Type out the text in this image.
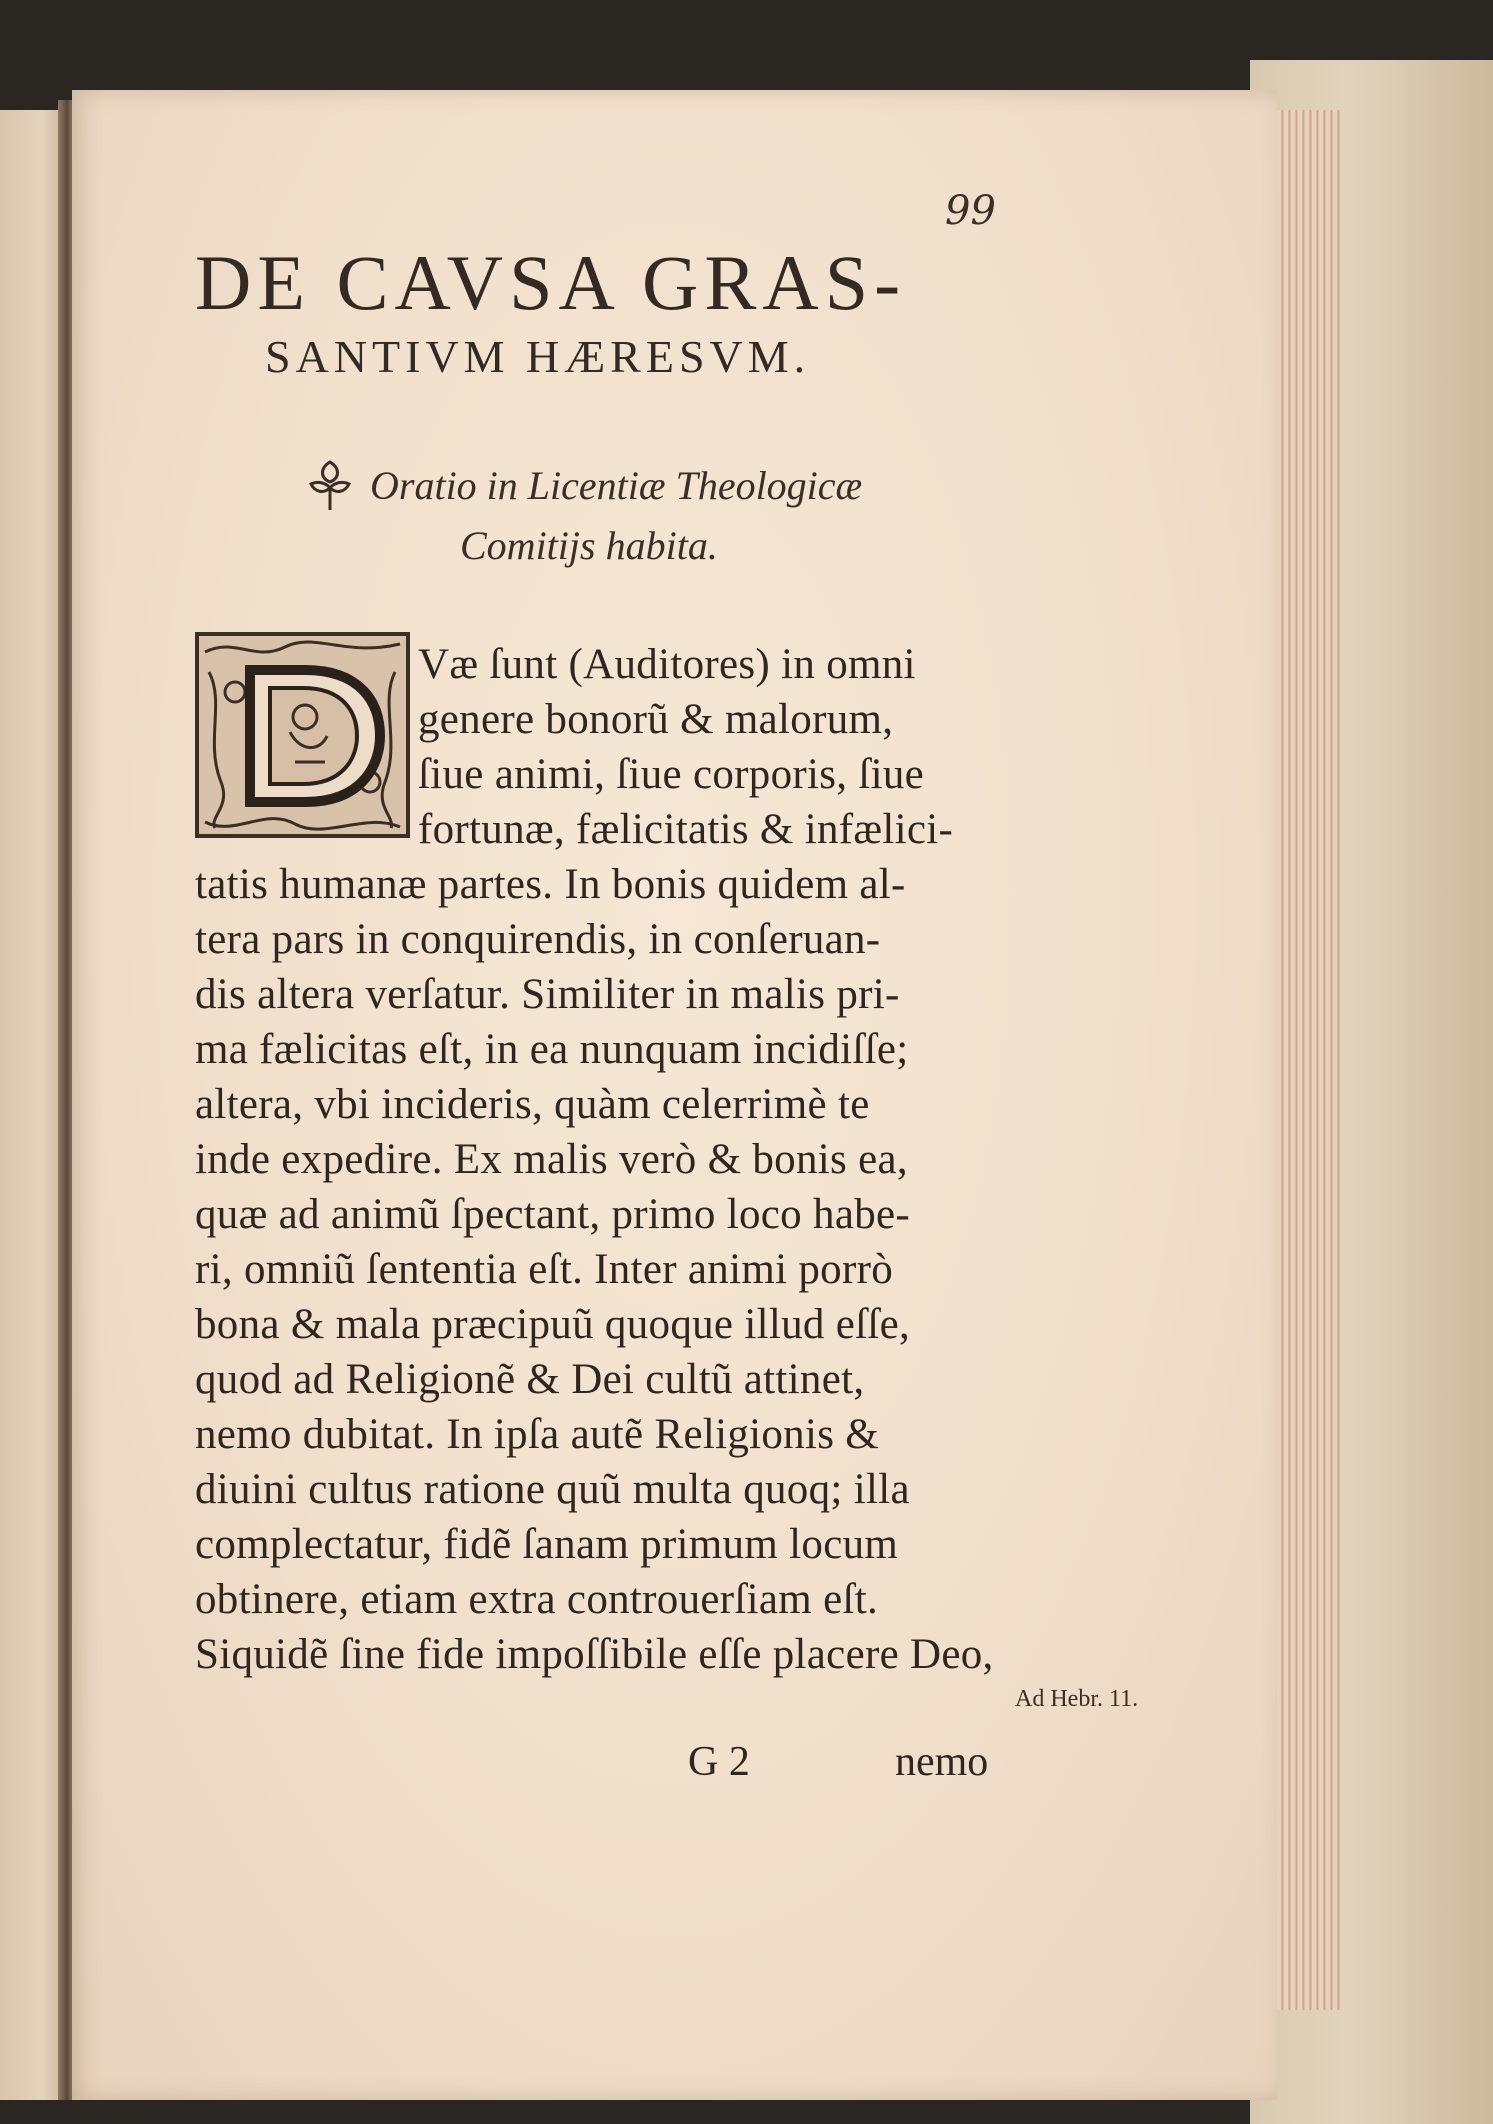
99
DE CAVSA GRAS-
SANTIVM HÆRESVM.
Oratio in Licentiæ Theologicæ
Comitijs habita.
Væ ſunt (Auditores) in omni
genere bonorũ & malorum,
ſiue animi, ſiue corporis, ſiue
fortunæ, fælicitatis & infælici-
tatis humanæ partes. In bonis quidem al-
tera pars in conquirendis, in conſeruan-
dis altera verſatur. Similiter in malis pri-
ma fælicitas eſt, in ea nunquam incidiſſe;
altera, vbi incideris, quàm celerrimè te
inde expedire. Ex malis verò & bonis ea,
quæ ad animũ ſpectant, primo loco habe-
ri, omniũ ſententia eſt. Inter animi porrò
bona & mala præcipuũ quoque illud eſſe,
quod ad Religionẽ & Dei cultũ attinet,
nemo dubitat. In ipſa autẽ Religionis &
diuini cultus ratione quũ multa quoq; illa
complectatur, fidẽ ſanam primum locum
obtinere, etiam extra controuerſiam eſt.
Siquidẽ ſine fide impoſſibile eſſe placere Deo,
Ad Hebr. 11.
G 2	nemo
